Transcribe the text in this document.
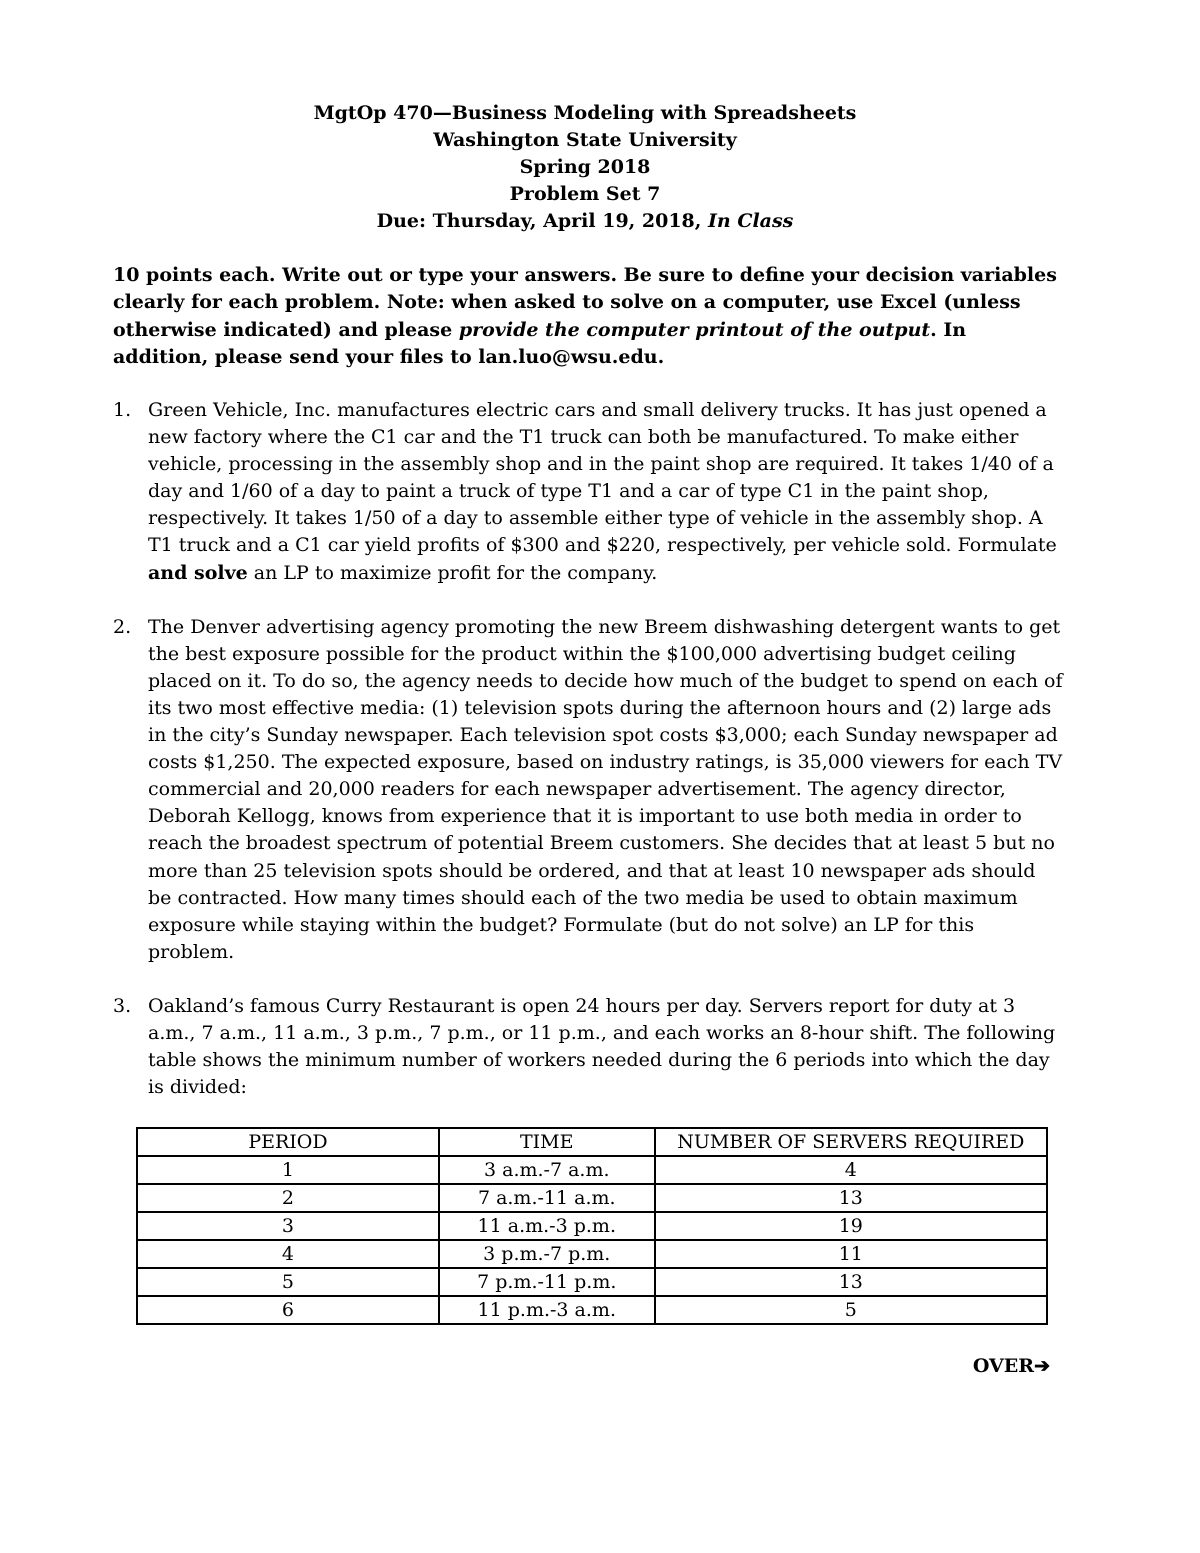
MgtOp 470—Business Modeling with Spreadsheets
Washington State University
Spring 2018
Problem Set 7
Due: Thursday, April 19, 2018, In Class
10 points each. Write out or type your answers. Be sure to define your decision variables clearly for each problem. Note: when asked to solve on a computer, use Excel (unless otherwise indicated) and please provide the computer printout of the output. In addition, please send your files to lan.luo@wsu.edu.
1. Green Vehicle, Inc. manufactures electric cars and small delivery trucks. It has just opened a new factory where the C1 car and the T1 truck can both be manufactured. To make either vehicle, processing in the assembly shop and in the paint shop are required. It takes 1/40 of a day and 1/60 of a day to paint a truck of type T1 and a car of type C1 in the paint shop, respectively. It takes 1/50 of a day to assemble either type of vehicle in the assembly shop. A T1 truck and a C1 car yield profits of $300 and $220, respectively, per vehicle sold. Formulate and solve an LP to maximize profit for the company.
2. The Denver advertising agency promoting the new Breem dishwashing detergent wants to get the best exposure possible for the product within the $100,000 advertising budget ceiling placed on it. To do so, the agency needs to decide how much of the budget to spend on each of its two most effective media: (1) television spots during the afternoon hours and (2) large ads in the city’s Sunday newspaper. Each television spot costs $3,000; each Sunday newspaper ad costs $1,250. The expected exposure, based on industry ratings, is 35,000 viewers for each TV commercial and 20,000 readers for each newspaper advertisement. The agency director, Deborah Kellogg, knows from experience that it is important to use both media in order to reach the broadest spectrum of potential Breem customers. She decides that at least 5 but no more than 25 television spots should be ordered, and that at least 10 newspaper ads should be contracted. How many times should each of the two media be used to obtain maximum exposure while staying within the budget? Formulate (but do not solve) an LP for this problem.
3. Oakland’s famous Curry Restaurant is open 24 hours per day. Servers report for duty at 3 a.m., 7 a.m., 11 a.m., 3 p.m., 7 p.m., or 11 p.m., and each works an 8-hour shift. The following table shows the minimum number of workers needed during the 6 periods into which the day is divided:
PERIOD	TIME	NUMBER OF SERVERS REQUIRED
1	3 a.m.-7 a.m.	4
2	7 a.m.-11 a.m.	13
3	11 a.m.-3 p.m.	19
4	3 p.m.-7 p.m.	11
5	7 p.m.-11 p.m.	13
6	11 p.m.-3 a.m.	5
OVER➔
